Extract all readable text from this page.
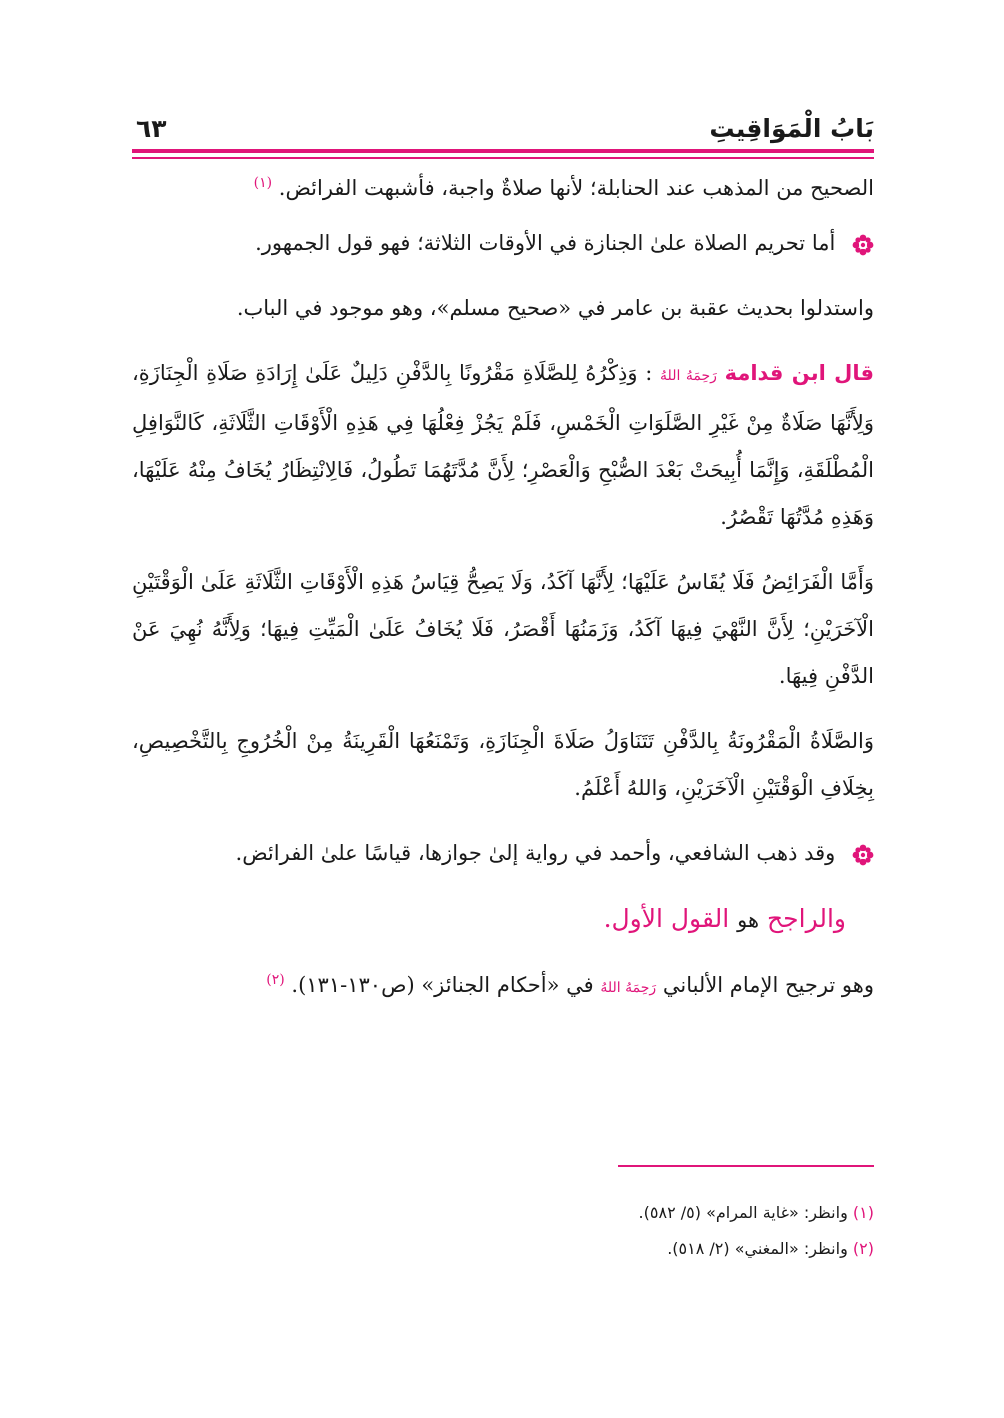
بَابُ الْمَوَاقِيتِ
٦٣

الصحيح من المذهب عند الحنابلة؛ لأنها صلاةٌ واجبة، فأشبهت الفرائض. $^{(١)}$

أما تحريم الصلاة علىٰ الجنازة في الأوقات الثلاثة؛ فهو قول الجمهور.

واستدلوا بحديث عقبة بن عامر في «صحيح مسلم»، وهو موجود في الباب.

قال ابن قدامة رَحِمَهُ اللهُ : وَذِكْرُهُ لِلصَّلَاةِ مَقْرُونًا بِالدَّفْنِ دَلِيلٌ عَلَىٰ إِرَادَةِ صَلَاةِ الْجِنَازَةِ، وَلِأَنَّهَا صَلَاةٌ مِنْ غَيْرِ الصَّلَوَاتِ الْخَمْسِ، فَلَمْ يَجُزْ فِعْلُهَا فِي هَذِهِ الْأَوْقَاتِ الثَّلَاثَةِ، كَالنَّوَافِلِ الْمُطْلَقَةِ، وَإِنَّمَا أُبِيحَتْ بَعْدَ الصُّبْحِ وَالْعَصْرِ؛ لِأَنَّ مُدَّتَهُمَا تَطُولُ، فَالِانْتِظَارُ يُخَافُ مِنْهُ عَلَيْهَا، وَهَذِهِ مُدَّتُهَا تَقْصُرُ.

وَأَمَّا الْفَرَائِضُ فَلَا يُقَاسُ عَلَيْهَا؛ لِأَنَّهَا آكَدُ، وَلَا يَصِحُّ قِيَاسُ هَذِهِ الْأَوْقَاتِ الثَّلَاثَةِ عَلَىٰ الْوَقْتَيْنِ الْآخَرَيْنِ؛ لِأَنَّ النَّهْيَ فِيهَا آكَدُ، وَزَمَنُهَا أَقْصَرُ، فَلَا يُخَافُ عَلَىٰ الْمَيِّتِ فِيهَا؛ وَلِأَنَّهُ نُهِيَ عَنْ الدَّفْنِ فِيهَا.

وَالصَّلَاةُ الْمَقْرُونَةُ بِالدَّفْنِ تَتَنَاوَلُ صَلَاةَ الْجِنَازَةِ، وَتَمْنَعُهَا الْقَرِينَةُ مِنْ الْخُرُوجِ بِالتَّخْصِيصِ، بِخِلَافِ الْوَقْتَيْنِ الْآخَرَيْنِ، وَاللهُ أَعْلَمُ.

وقد ذهب الشافعي، وأحمد في رواية إلىٰ جوازها، قياسًا علىٰ الفرائض.

والراجح هو القول الأول.

وهو ترجيح الإمام الألباني رَحِمَهُ اللهُ في «أحكام الجنائز» (ص١٣٠-١٣١). $^{(٢)}$

(١) وانظر: «غاية المرام» (٥/ ٥٨٢).
(٢) وانظر: «المغني» (٢/ ٥١٨).
